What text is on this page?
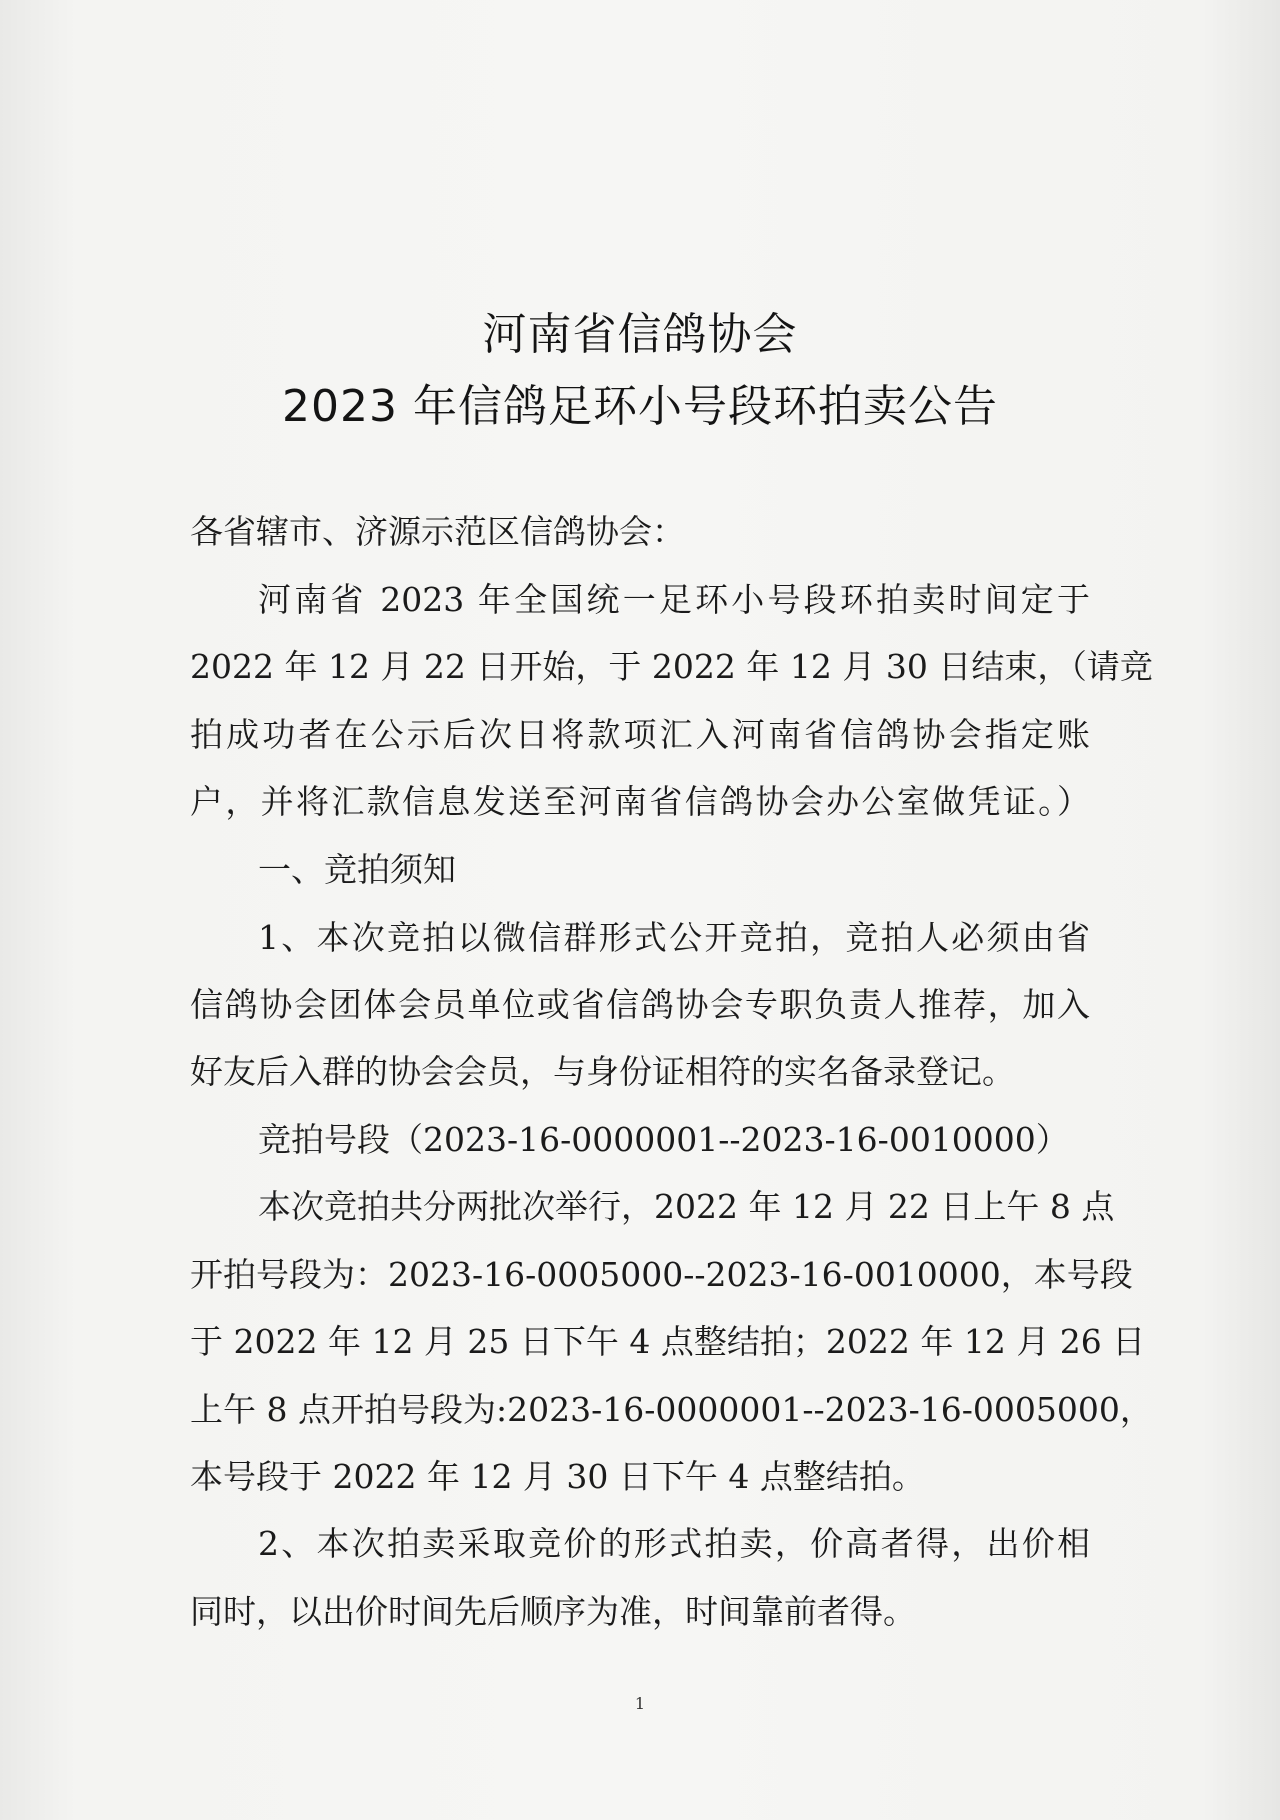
河南省信鸽协会
2023 年信鸽足环小号段环拍卖公告
各省辖市、济源示范区信鸽协会：
河南省 2023 年全国统一足环小号段环拍卖时间定于
2022 年 12 月 22 日开始，于 2022 年 12 月 30 日结束，（请竞
拍成功者在公示后次日将款项汇入河南省信鸽协会指定账
户，并将汇款信息发送至河南省信鸽协会办公室做凭证。）
一、竞拍须知
1、本次竞拍以微信群形式公开竞拍，竞拍人必须由省
信鸽协会团体会员单位或省信鸽协会专职负责人推荐，加入
好友后入群的协会会员，与身份证相符的实名备录登记。
竞拍号段（2023-16-0000001--2023-16-0010000）
本次竞拍共分两批次举行，2022 年 12 月 22 日上午 8 点
开拍号段为：2023-16-0005000--2023-16-0010000，本号段
于 2022 年 12 月 25 日下午 4 点整结拍；2022 年 12 月 26 日
上午 8 点开拍号段为:2023-16-0000001--2023-16-0005000，
本号段于 2022 年 12 月 30 日下午 4 点整结拍。
2、本次拍卖采取竞价的形式拍卖，价高者得，出价相
同时，以出价时间先后顺序为准，时间靠前者得。
1
